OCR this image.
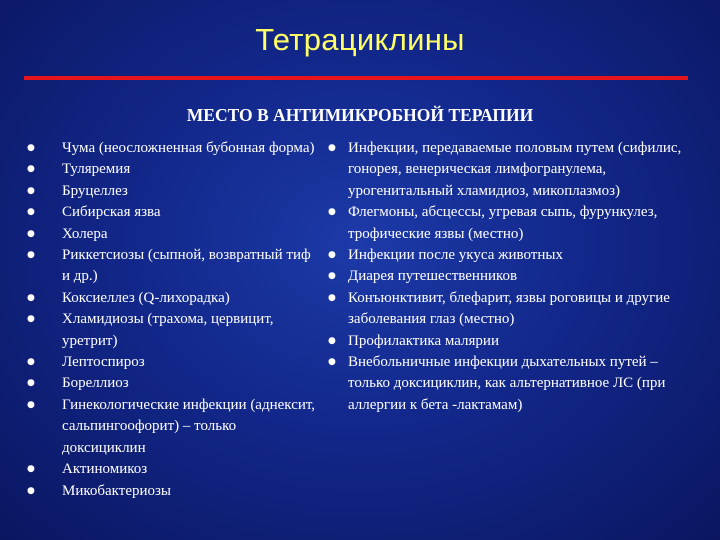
Тетрациклины
МЕСТО В АНТИМИКРОБНОЙ ТЕРАПИИ
● Чума (неосложненная бубонная форма)
● Туляремия
● Бруцеллез
● Сибирская язва
● Холера
● Риккетсиозы (сыпной, возвратный тиф и др.)
● Коксиеллез (Q-лихорадка)
● Хламидиозы (трахома, цервицит, уретрит)
● Лептоспироз
● Бореллиоз
● Гинекологические инфекции (аднексит, сальпингоофорит) – только доксициклин
● Актиномикоз
● Микобактериозы
● Инфекции, передаваемые половым путем (сифилис, гонорея, венерическая лимфогранулема, урогенитальный хламидиоз, микоплазмоз)
● Флегмоны, абсцессы, угревая сыпь, фурункулез, трофические язвы (местно)
● Инфекции после укуса животных
● Диарея путешественников
● Конъюнктивит, блефарит, язвы роговицы и другие заболевания глаз (местно)
● Профилактика малярии
● Внебольничные инфекции дыхательных путей – только доксициклин, как альтернативное ЛС (при аллергии к бета -лактамам)
